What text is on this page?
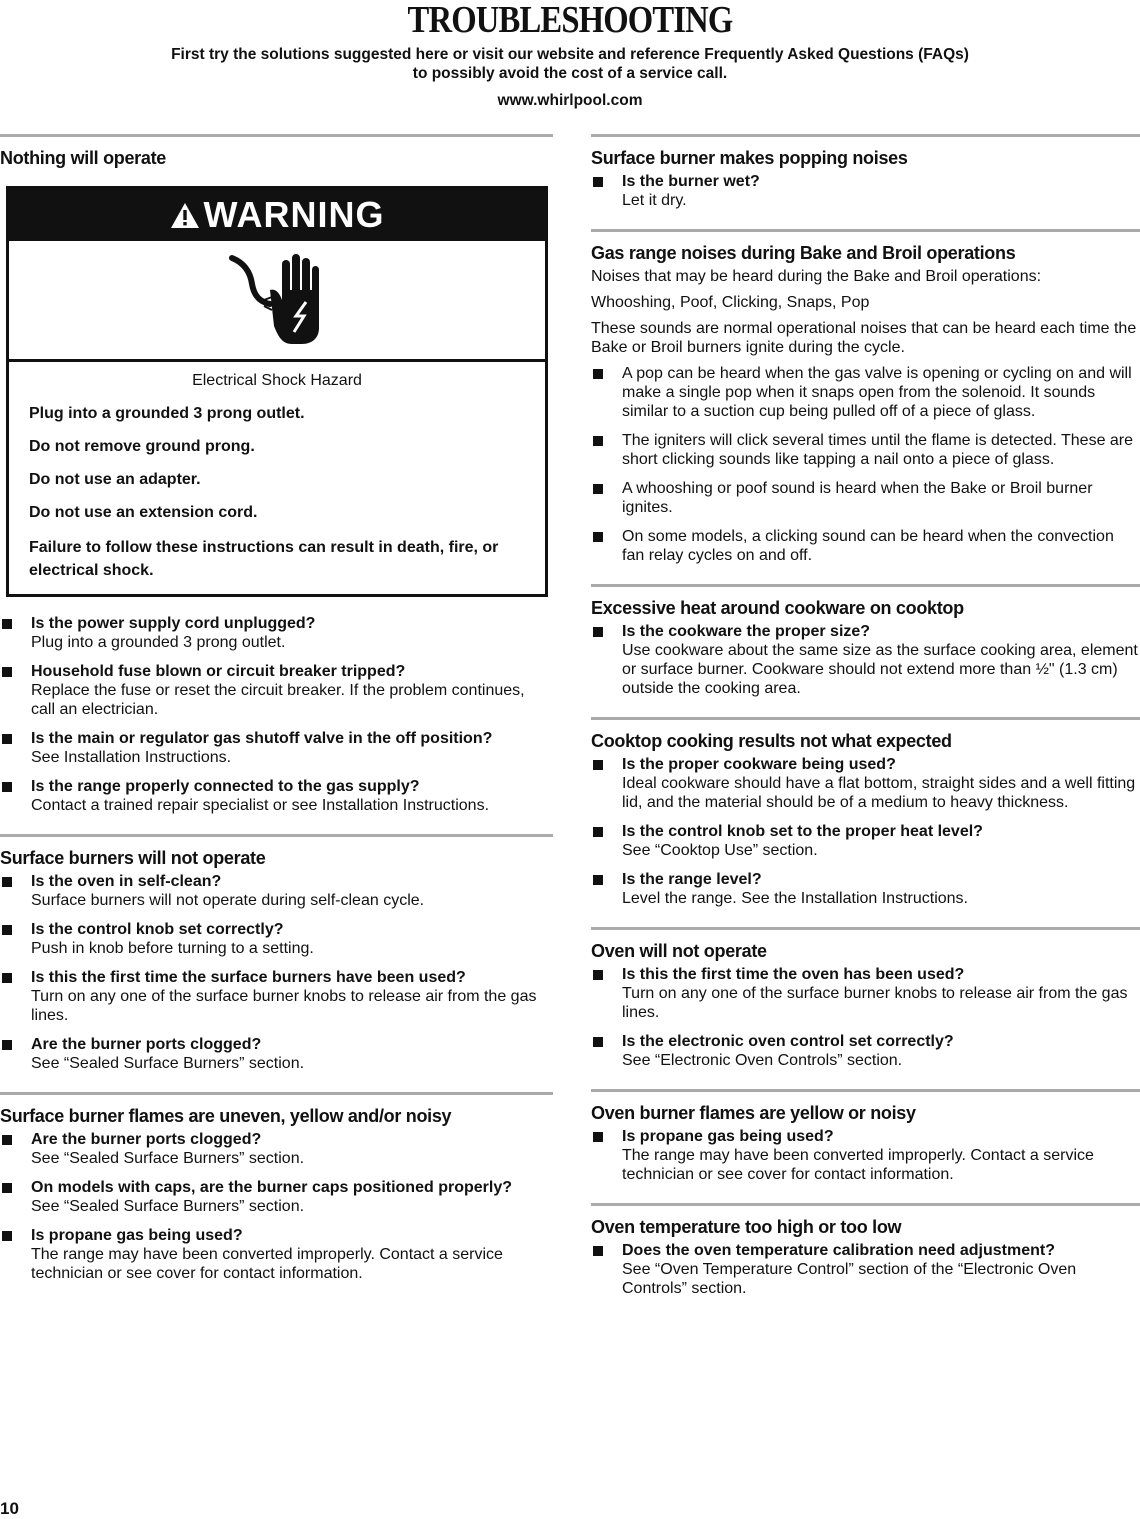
TROUBLESHOOTING
First try the solutions suggested here or visit our website and reference Frequently Asked Questions (FAQs)
to possibly avoid the cost of a service call.
www.whirlpool.com
Nothing will operate
WARNING
Electrical Shock Hazard
Plug into a grounded 3 prong outlet.
Do not remove ground prong.
Do not use an adapter.
Do not use an extension cord.
Failure to follow these instructions can result in death, fire, or electrical shock.
Is the power supply cord unplugged?
Plug into a grounded 3 prong outlet.
Household fuse blown or circuit breaker tripped?
Replace the fuse or reset the circuit breaker. If the problem continues, call an electrician.
Is the main or regulator gas shutoff valve in the off position?
See Installation Instructions.
Is the range properly connected to the gas supply?
Contact a trained repair specialist or see Installation Instructions.
Surface burners will not operate
Is the oven in self-clean?
Surface burners will not operate during self-clean cycle.
Is the control knob set correctly?
Push in knob before turning to a setting.
Is this the first time the surface burners have been used?
Turn on any one of the surface burner knobs to release air from the gas lines.
Are the burner ports clogged?
See “Sealed Surface Burners” section.
Surface burner flames are uneven, yellow and/or noisy
Are the burner ports clogged?
See “Sealed Surface Burners” section.
On models with caps, are the burner caps positioned properly?
See “Sealed Surface Burners” section.
Is propane gas being used?
The range may have been converted improperly. Contact a service technician or see cover for contact information.
Surface burner makes popping noises
Is the burner wet?
Let it dry.
Gas range noises during Bake and Broil operations
Noises that may be heard during the Bake and Broil operations:
Whooshing, Poof, Clicking, Snaps, Pop
These sounds are normal operational noises that can be heard each time the Bake or Broil burners ignite during the cycle.
A pop can be heard when the gas valve is opening or cycling on and will make a single pop when it snaps open from the solenoid. It sounds similar to a suction cup being pulled off of a piece of glass.
The igniters will click several times until the flame is detected. These are short clicking sounds like tapping a nail onto a piece of glass.
A whooshing or poof sound is heard when the Bake or Broil burner ignites.
On some models, a clicking sound can be heard when the convection fan relay cycles on and off.
Excessive heat around cookware on cooktop
Is the cookware the proper size?
Use cookware about the same size as the surface cooking area, element or surface burner. Cookware should not extend more than ½" (1.3 cm) outside the cooking area.
Cooktop cooking results not what expected
Is the proper cookware being used?
Ideal cookware should have a flat bottom, straight sides and a well fitting lid, and the material should be of a medium to heavy thickness.
Is the control knob set to the proper heat level?
See “Cooktop Use” section.
Is the range level?
Level the range. See the Installation Instructions.
Oven will not operate
Is this the first time the oven has been used?
Turn on any one of the surface burner knobs to release air from the gas lines.
Is the electronic oven control set correctly?
See “Electronic Oven Controls” section.
Oven burner flames are yellow or noisy
Is propane gas being used?
The range may have been converted improperly. Contact a service technician or see cover for contact information.
Oven temperature too high or too low
Does the oven temperature calibration need adjustment?
See “Oven Temperature Control” section of the “Electronic Oven Controls” section.
10
